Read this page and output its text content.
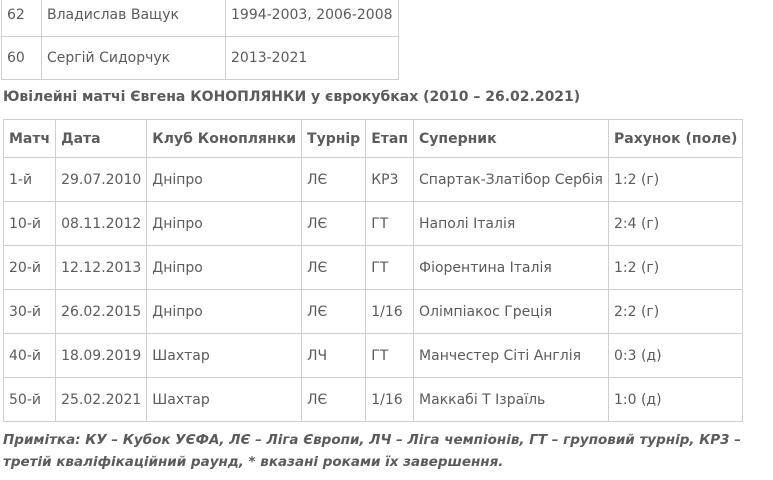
62	Владислав Ващук	1994-2003, 2006-2008
60	Сергій Сидорчук	2013-2021

Ювілейні матчі Євгена КОНОПЛЯНКИ у єврокубках (2010 – 26.02.2021)

Матч	Дата	Клуб Коноплянки	Турнір	Етап	Суперник	Рахунок (поле)
1-й	29.07.2010	Дніпро	ЛЄ	КР3	Спартак-Златібор Сербія	1:2 (г)
10-й	08.11.2012	Дніпро	ЛЄ	ГТ	Наполі Італія	2:4 (г)
20-й	12.12.2013	Дніпро	ЛЄ	ГТ	Фіорентина Італія	1:2 (г)
30-й	26.02.2015	Дніпро	ЛЄ	1/16	Олімпіакос Греція	2:2 (г)
40-й	18.09.2019	Шахтар	ЛЧ	ГТ	Манчестер Сіті Англія	0:3 (д)
50-й	25.02.2021	Шахтар	ЛЄ	1/16	Маккабі Т Ізраїль	1:0 (д)

Примітка: КУ – Кубок УЄФА, ЛЄ – Ліга Європи, ЛЧ – Ліга чемпіонів, ГТ – груповий турнір, КР3 – третій кваліфікаційний раунд, * вказані роками їх завершення.
